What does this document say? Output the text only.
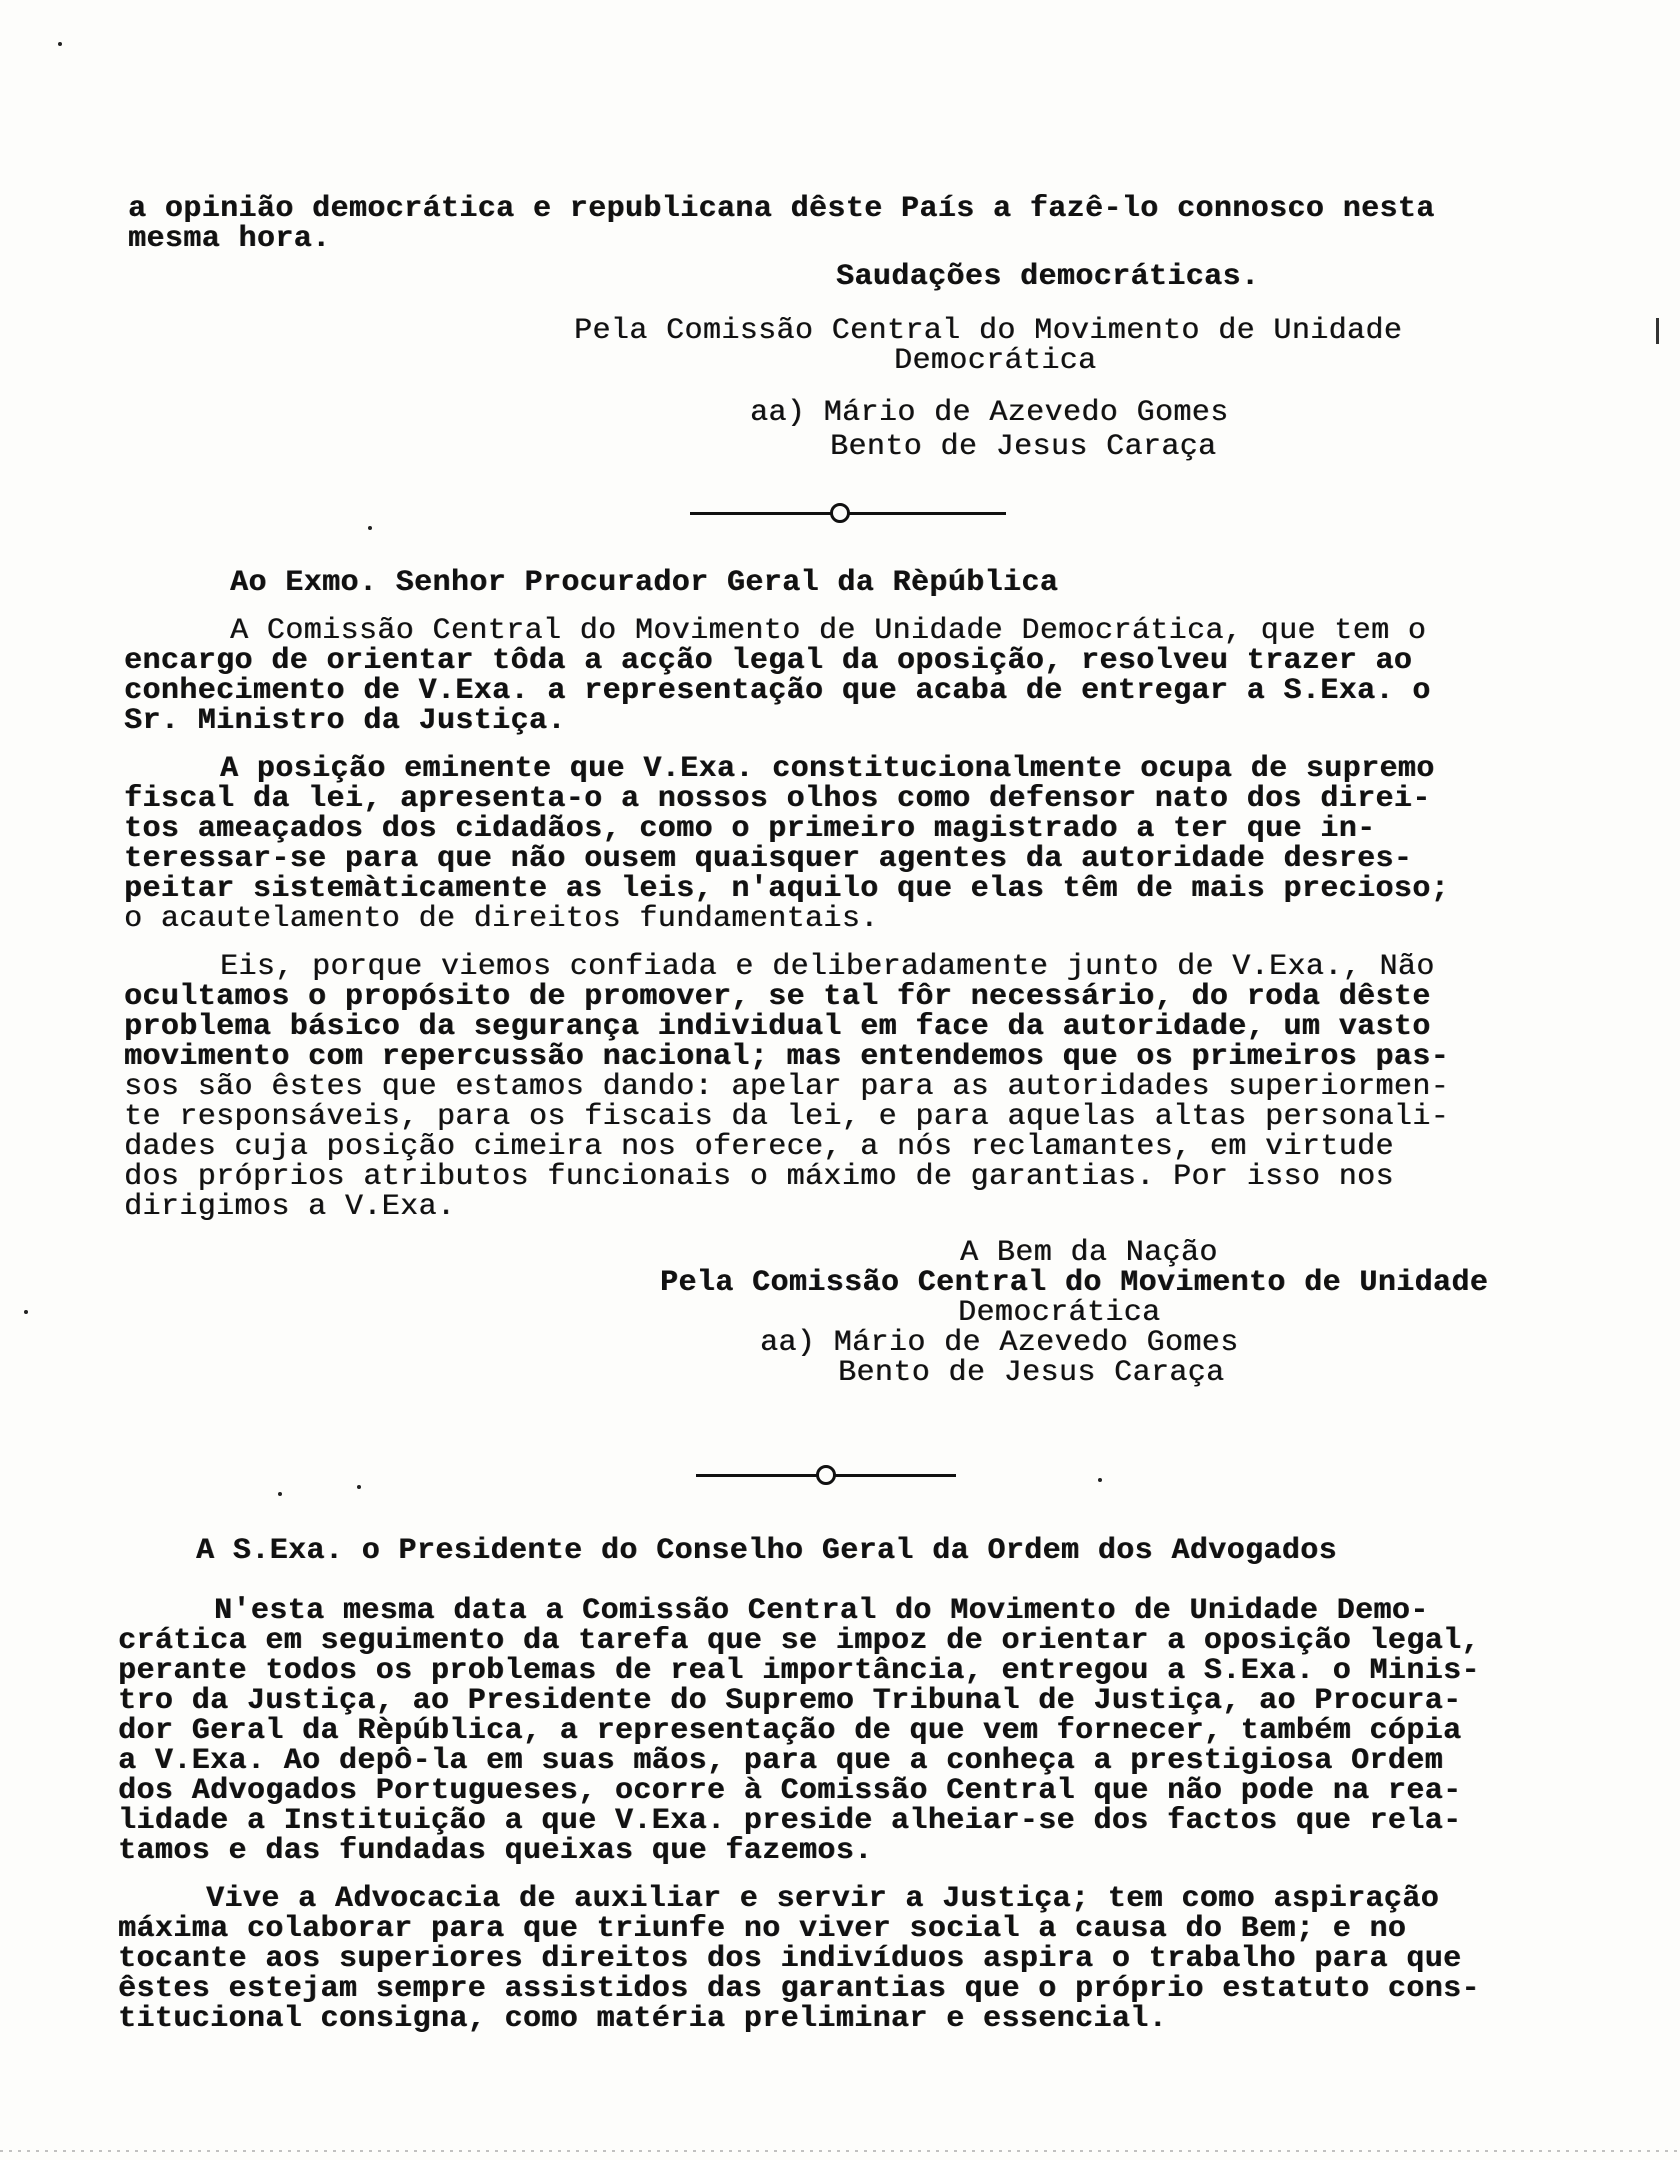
a opinião democrática e republicana dêste País a fazê-lo connosco nesta
mesma hora.
Saudações democráticas.
Pela Comissão Central do Movimento de Unidade
Democrática
aa) Mário de Azevedo Gomes
Bento de Jesus Caraça
Ao Exmo. Senhor Procurador Geral da Rèpública
A Comissão Central do Movimento de Unidade Democrática, que tem o
encargo de orientar tôda a acção legal da oposição, resolveu trazer ao
conhecimento de V.Exa. a representação que acaba de entregar a S.Exa. o
Sr. Ministro da Justiça.
A posição eminente que V.Exa. constitucionalmente ocupa de supremo
fiscal da lei, apresenta-o a nossos olhos como defensor nato dos direi-
tos ameaçados dos cidadãos, como o primeiro magistrado a ter que in-
teressar-se para que não ousem quaisquer agentes da autoridade desres-
peitar sistemàticamente as leis, n'aquilo que elas têm de mais precioso;
o acautelamento de direitos fundamentais.
Eis, porque viemos confiada e deliberadamente junto de V.Exa., Não
ocultamos o propósito de promover, se tal fôr necessário, do roda dêste
problema básico da segurança individual em face da autoridade, um vasto
movimento com repercussão nacional; mas entendemos que os primeiros pas-
sos são êstes que estamos dando: apelar para as autoridades superiormen-
te responsáveis, para os fiscais da lei, e para aquelas altas personali-
dades cuja posição cimeira nos oferece, a nós reclamantes, em virtude
dos próprios atributos funcionais o máximo de garantias. Por isso nos
dirigimos a V.Exa.
A Bem da Nação
Pela Comissão Central do Movimento de Unidade
Democrática
aa) Mário de Azevedo Gomes
Bento de Jesus Caraça
A S.Exa. o Presidente do Conselho Geral da Ordem dos Advogados
N'esta mesma data a Comissão Central do Movimento de Unidade Demo-
crática em seguimento da tarefa que se impoz de orientar a oposição legal,
perante todos os problemas de real importância, entregou a S.Exa. o Minis-
tro da Justiça, ao Presidente do Supremo Tribunal de Justiça, ao Procura-
dor Geral da Rèpública, a representação de que vem fornecer, também cópia
a V.Exa. Ao depô-la em suas mãos, para que a conheça a prestigiosa Ordem
dos Advogados Portugueses, ocorre à Comissão Central que não pode na rea-
lidade a Instituição a que V.Exa. preside alheiar-se dos factos que rela-
tamos e das fundadas queixas que fazemos.
Vive a Advocacia de auxiliar e servir a Justiça; tem como aspiração
máxima colaborar para que triunfe no viver social a causa do Bem; e no
tocante aos superiores direitos dos indivíduos aspira o trabalho para que
êstes estejam sempre assistidos das garantias que o próprio estatuto cons-
titucional consigna, como matéria preliminar e essencial.
